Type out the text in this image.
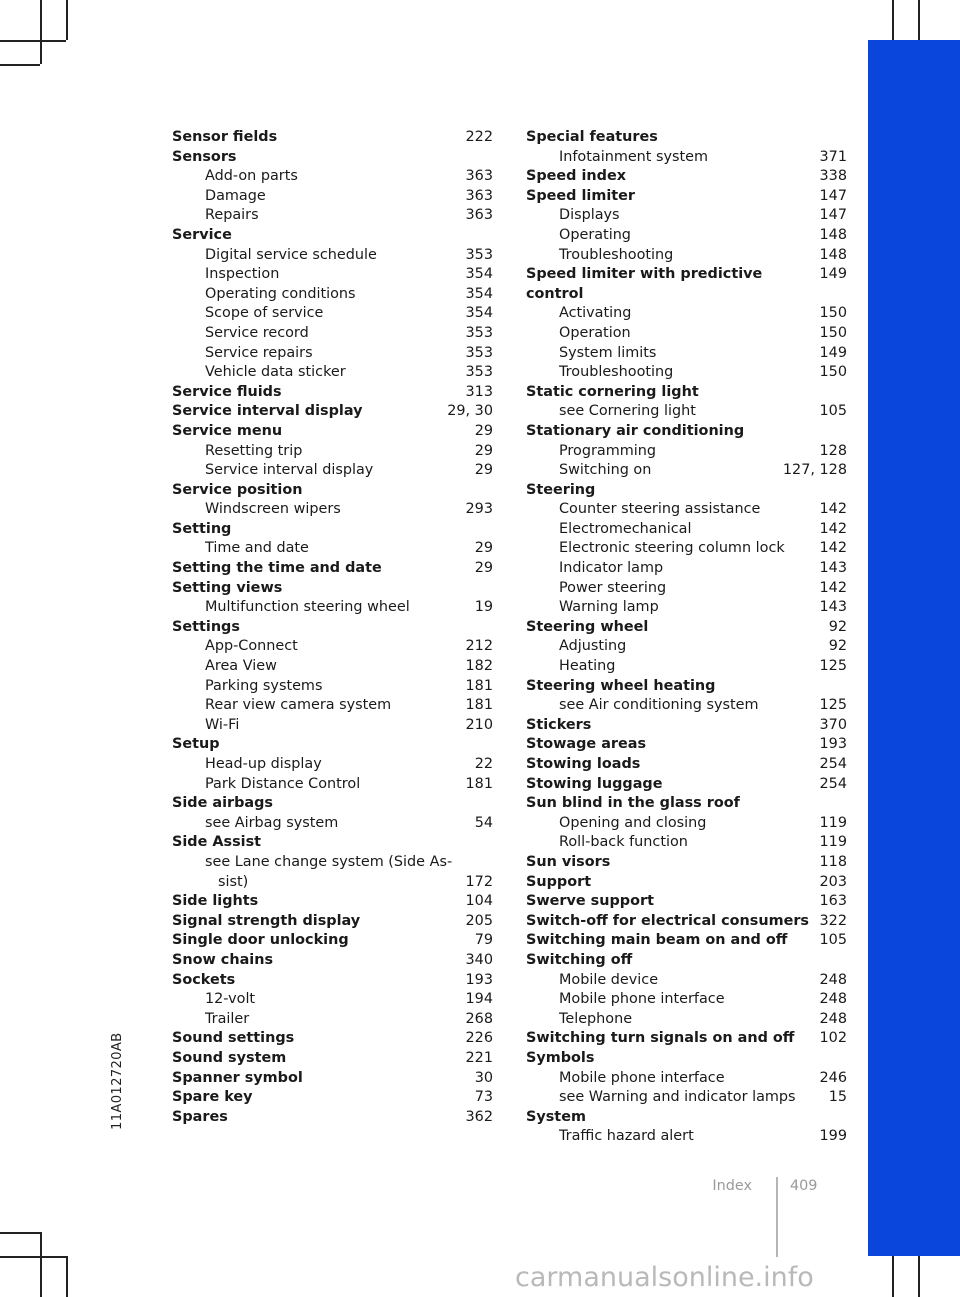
Sensor fields	222
Sensors
Add-on parts	363
Damage	363
Repairs	363
Service
Digital service schedule	353
Inspection	354
Operating conditions	354
Scope of service	354
Service record	353
Service repairs	353
Vehicle data sticker	353
Service fluids	313
Service interval display	29, 30
Service menu	29
Resetting trip	29
Service interval display	29
Service position
Windscreen wipers	293
Setting
Time and date	29
Setting the time and date	29
Setting views
Multifunction steering wheel	19
Settings
App-Connect	212
Area View	182
Parking systems	181
Rear view camera system	181
Wi-Fi	210
Setup
Head-up display	22
Park Distance Control	181
Side airbags
see Airbag system	54
Side Assist
see Lane change system (Side As-
sist)	172
Side lights	104
Signal strength display	205
Single door unlocking	79
Snow chains	340
Sockets	193
12-volt	194
Trailer	268
Sound settings	226
Sound system	221
Spanner symbol	30
Spare key	73
Spares	362
Special features
Infotainment system	371
Speed index	338
Speed limiter	147
Displays	147
Operating	148
Troubleshooting	148
Speed limiter with predictive control
149
Activating	150
Operation	150
System limits	149
Troubleshooting	150
Static cornering light
see Cornering light	105
Stationary air conditioning
Programming	128
Switching on	127, 128
Steering
Counter steering assistance	142
Electromechanical	142
Electronic steering column lock 142
Indicator lamp	143
Power steering	142
Warning lamp	143
Steering wheel	92
Adjusting	92
Heating	125
Steering wheel heating
see Air conditioning system	125
Stickers	370
Stowage areas	193
Stowing loads	254
Stowing luggage	254
Sun blind in the glass roof
Opening and closing	119
Roll-back function	119
Sun visors	118
Support	203
Swerve support	163
Switch-off for electrical consumers 322
Switching main beam on and off 105
Switching off
Mobile device	248
Mobile phone interface	248
Telephone	248
Switching turn signals on and off 102
Symbols
Mobile phone interface	246
see Warning and indicator lamps 15
System
Traffic hazard alert	199
11A012720AB
Index	409
carmanualsonline.info
